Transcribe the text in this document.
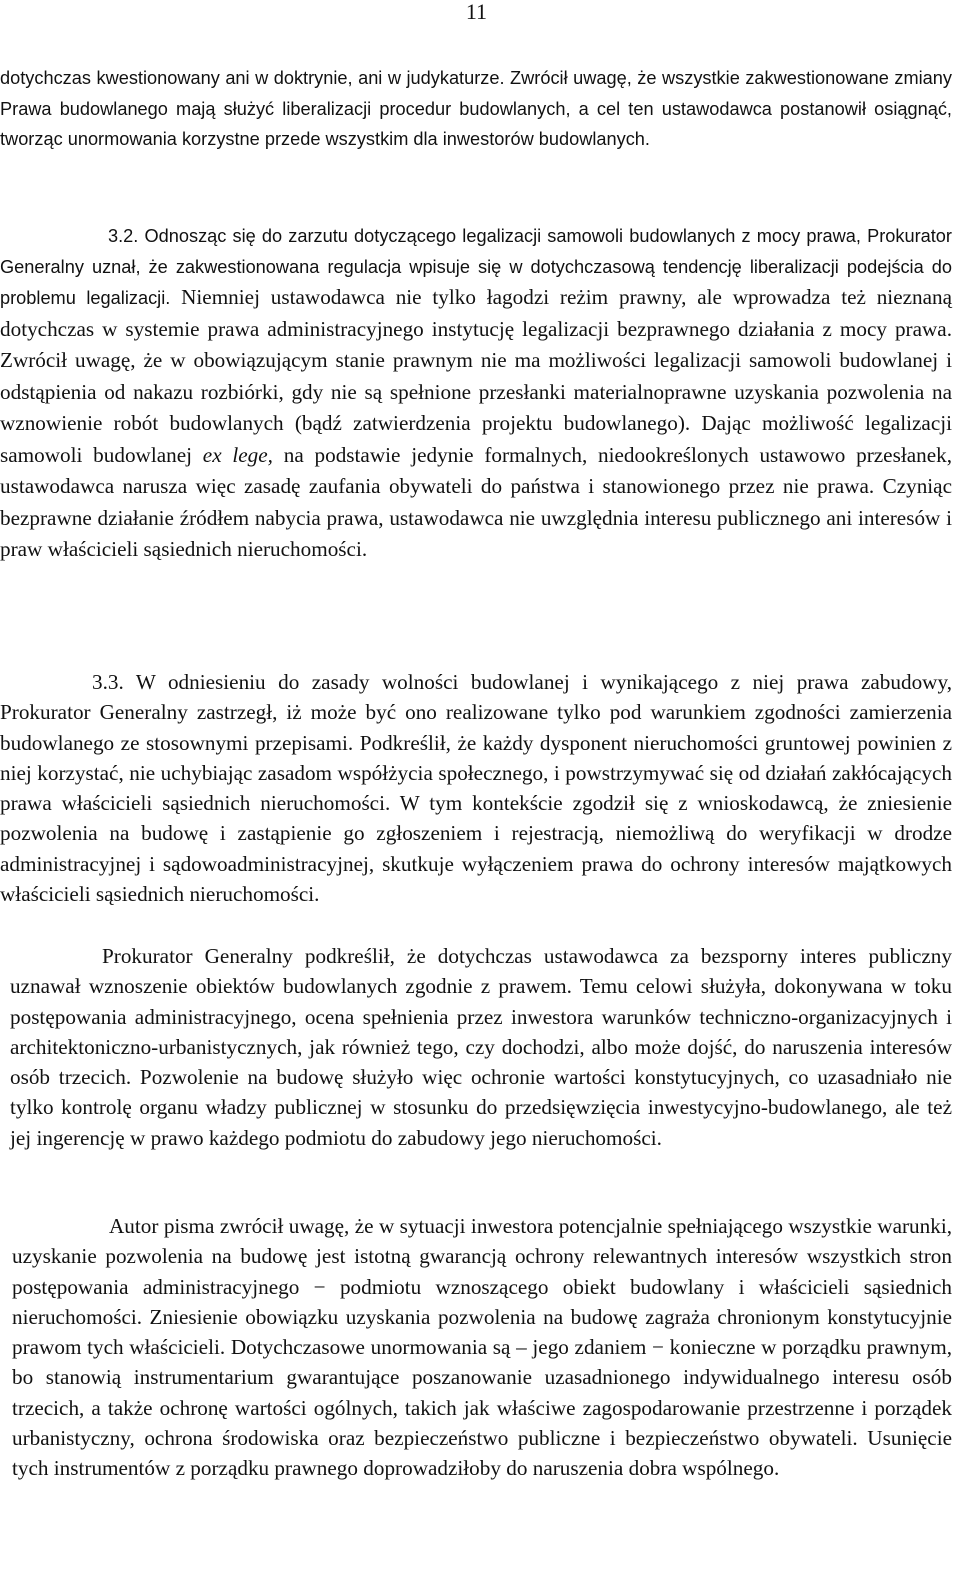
11

dotychczas kwestionowany ani w doktrynie, ani w judykaturze. Zwrócił uwagę, że wszystkie zakwestionowane zmiany Prawa budowlanego mają służyć liberalizacji procedur budowlanych, a cel ten ustawodawca postanowił osiągnąć, tworząc unormowania korzystne przede wszystkim dla inwestorów budowlanych.

3.2. Odnosząc się do zarzutu dotyczącego legalizacji samowoli budowlanych z mocy prawa, Prokurator Generalny uznał, że zakwestionowana regulacja wpisuje się w dotychczasową tendencję liberalizacji podejścia do problemu legalizacji. Niemniej ustawodawca nie tylko łagodzi reżim prawny, ale wprowadza też nieznaną dotychczas w systemie prawa administracyjnego instytucję legalizacji bezprawnego działania z mocy prawa. Zwrócił uwagę, że w obowiązującym stanie prawnym nie ma możliwości legalizacji samowoli budowlanej i odstąpienia od nakazu rozbiórki, gdy nie są spełnione przesłanki materialnoprawne uzyskania pozwolenia na wznowienie robót budowlanych (bądź zatwierdzenia projektu budowlanego). Dając możliwość legalizacji samowoli budowlanej ex lege, na podstawie jedynie formalnych, niedookreślonych ustawowo przesłanek, ustawodawca narusza więc zasadę zaufania obywateli do państwa i stanowionego przez nie prawa. Czyniąc bezprawne działanie źródłem nabycia prawa, ustawodawca nie uwzględnia interesu publicznego ani interesów i praw właścicieli sąsiednich nieruchomości.

3.3. W odniesieniu do zasady wolności budowlanej i wynikającego z niej prawa zabudowy, Prokurator Generalny zastrzegł, iż może być ono realizowane tylko pod warunkiem zgodności zamierzenia budowlanego ze stosownymi przepisami. Podkreślił, że każdy dysponent nieruchomości gruntowej powinien z niej korzystać, nie uchybiając zasadom współżycia społecznego, i powstrzymywać się od działań zakłócających prawa właścicieli sąsiednich nieruchomości. W tym kontekście zgodził się z wnioskodawcą, że zniesienie pozwolenia na budowę i zastąpienie go zgłoszeniem i rejestracją, niemożliwą do weryfikacji w drodze administracyjnej i sądowoadministracyjnej, skutkuje wyłączeniem prawa do ochrony interesów majątkowych właścicieli sąsiednich nieruchomości.

Prokurator Generalny podkreślił, że dotychczas ustawodawca za bezsporny interes publiczny uznawał wznoszenie obiektów budowlanych zgodnie z prawem. Temu celowi służyła, dokonywana w toku postępowania administracyjnego, ocena spełnienia przez inwestora warunków techniczno-organizacyjnych i architektoniczno-urbanistycznych, jak również tego, czy dochodzi, albo może dojść, do naruszenia interesów osób trzecich. Pozwolenie na budowę służyło więc ochronie wartości konstytucyjnych, co uzasadniało nie tylko kontrolę organu władzy publicznej w stosunku do przedsięwzięcia inwestycyjno-budowlanego, ale też jej ingerencję w prawo każdego podmiotu do zabudowy jego nieruchomości.

Autor pisma zwrócił uwagę, że w sytuacji inwestora potencjalnie spełniającego wszystkie warunki, uzyskanie pozwolenia na budowę jest istotną gwarancją ochrony relewantnych interesów wszystkich stron postępowania administracyjnego − podmiotu wznoszącego obiekt budowlany i właścicieli sąsiednich nieruchomości. Zniesienie obowiązku uzyskania pozwolenia na budowę zagraża chronionym konstytucyjnie prawom tych właścicieli. Dotychczasowe unormowania są – jego zdaniem − konieczne w porządku prawnym, bo stanowią instrumentarium gwarantujące poszanowanie uzasadnionego indywidualnego interesu osób trzecich, a także ochronę wartości ogólnych, takich jak właściwe zagospodarowanie przestrzenne i porządek urbanistyczny, ochrona środowiska oraz bezpieczeństwo publiczne i bezpieczeństwo obywateli. Usunięcie tych instrumentów z porządku prawnego doprowadziłoby do naruszenia dobra wspólnego.
